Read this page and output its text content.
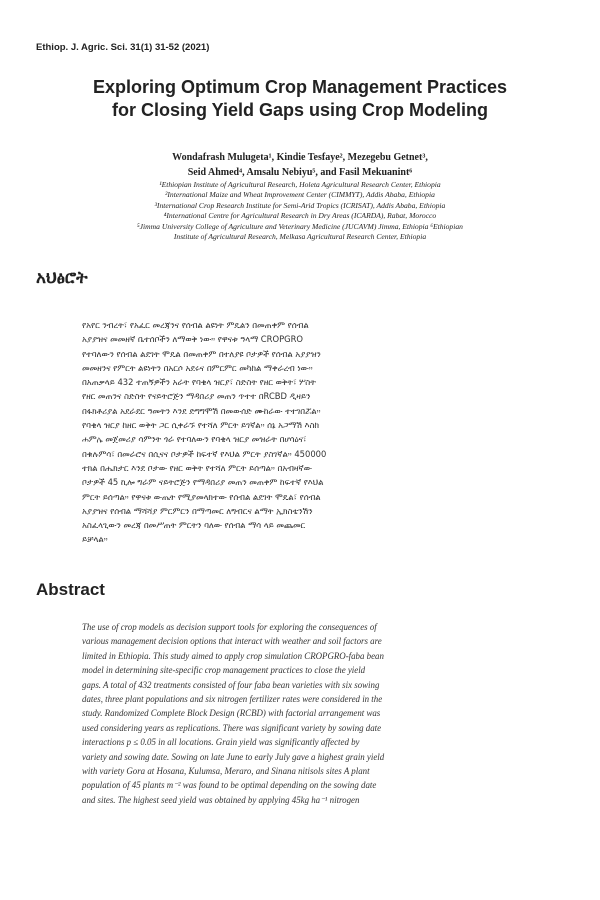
Ethiop. J. Agric. Sci. 31(1) 31-52 (2021)
Exploring Optimum Crop Management Practices
for Closing Yield Gaps using Crop Modeling
Wondafrash Mulugeta¹, Kindie Tesfaye², Mezegebu Getnet³,
Seid Ahmed⁴, Amsalu Nebiyu⁵, and Fasil Mekuanint⁶
¹Ethiopian Institute of Agricultural Research, Holeta Agricultural Research Center, Ethiopia
²International Maize and Wheat Improvement Center (CIMMYT), Addis Ababa, Ethiopia
³International Crop Research Institute for Semi-Arid Tropics (ICRISAT), Addis Ababa, Ethiopia
⁴International Centre for Agricultural Research in Dry Areas (ICARDA), Rabat, Morocco
⁵Jimma University College of Agriculture and Veterinary Medicine (JUCAVM) Jimma, Ethiopia ⁶Ethiopian
Institute of Agricultural Research, Melkasa Agricultural Research Center, Ethiopia
አህፅሮት
የአየር ንብረት፣ የአፈር መረጃንና የሰብል ልዩነት ምዴልን በመጠቀም የሰብል
አያያዝና መመዘኛ ቤተሰቦችን ለማወቅ ነው። የዋናቱ ዓላማ CROPGRO
የተባለውን የሰብል ልደገት ሞዴል በመጠቀም በተለያዩ ቦታዎች የሰብል አያያዝን
መመዘንና የምርት ልዩነትን በአርሶ አደሩና በምርምር መካከል ማቀራረብ ነው።
በአጠቃላይ 432 ተጠኝዎችን አራት የባቄላ ዝርያ፣ ስድስት የዘር ወቅት፣ ሦስት
የዘር መጠንና ስድስት የናይትሮጅን ማዳበሪያ መጠን ጥተተ በRCBD ዲዛይን
በፋክቶሪያል አደራደር ዓመትን እንደ ድግግሞሽ በመውሰድ ሙከራው ተተገበሯል።
የባቄላ ዝርያ ከዘር ወቅት ጋር ሲቀራኙ የተሻለ ምርት ይገኛል። ሰኔ አጋማሽ እስከ
ሐምሌ መጀመሪያ ሳምንት ጎራ የተባለውን የባቄላ ዝርያ መዝራት በሆሳዕና፣
በቁሉምሳ፣ በመራሮና በሲናና ቦታዎች ከፍተኛ የእህል ምርት ያስገኛል። 450000
ተክል በሔክታር እንደ ቦታው የዘር ወቅት የተሻለ ምርት ይሰጣል። በአብዛኛው
ቦታዎች 45 ኪሎ ግራም ናይትሮጅን የማዳበሪያ መጠን መጠቀም ከፍተኛ የእህል
ምርት ይሰጣል። የዋናቱ ውጤት የሚያመላክተው የሰብል ልደገት ሞዴል፣ የሰብል
አያያዝና የሰብል ማሻሻያ ምርምርን በማጣመር ለግብርና ልማት ኢክስቴንሽን
አስፈላጊውን መረጃ በመሥጠት ምርትን ባለው የሰብል ማሳ ላይ መጨመር
ይቻላል።
Abstract
The use of crop models as decision support tools for exploring the consequences of
various management decision options that interact with weather and soil factors are
limited in Ethiopia. This study aimed to apply crop simulation CROPGRO-faba bean
model in determining site-specific crop management practices to close the yield
gaps. A total of 432 treatments consisted of four faba bean varieties with six sowing
dates, three plant populations and six nitrogen fertilizer rates were considered in the
study. Randomized Complete Block Design (RCBD) with factorial arrangement was
used considering years as replications. There was significant variety by sowing date
interactions p ≤ 0.05 in all locations. Grain yield was significantly affected by
variety and sowing date. Sowing on late June to early July gave a highest grain yield
with variety Gora at Hosana, Kulumsa, Meraro, and Sinana nitisols sites A plant
population of 45 plants m⁻² was found to be optimal depending on the sowing date
and sites. The highest seed yield was obtained by applying 45kg ha⁻¹ nitrogen
